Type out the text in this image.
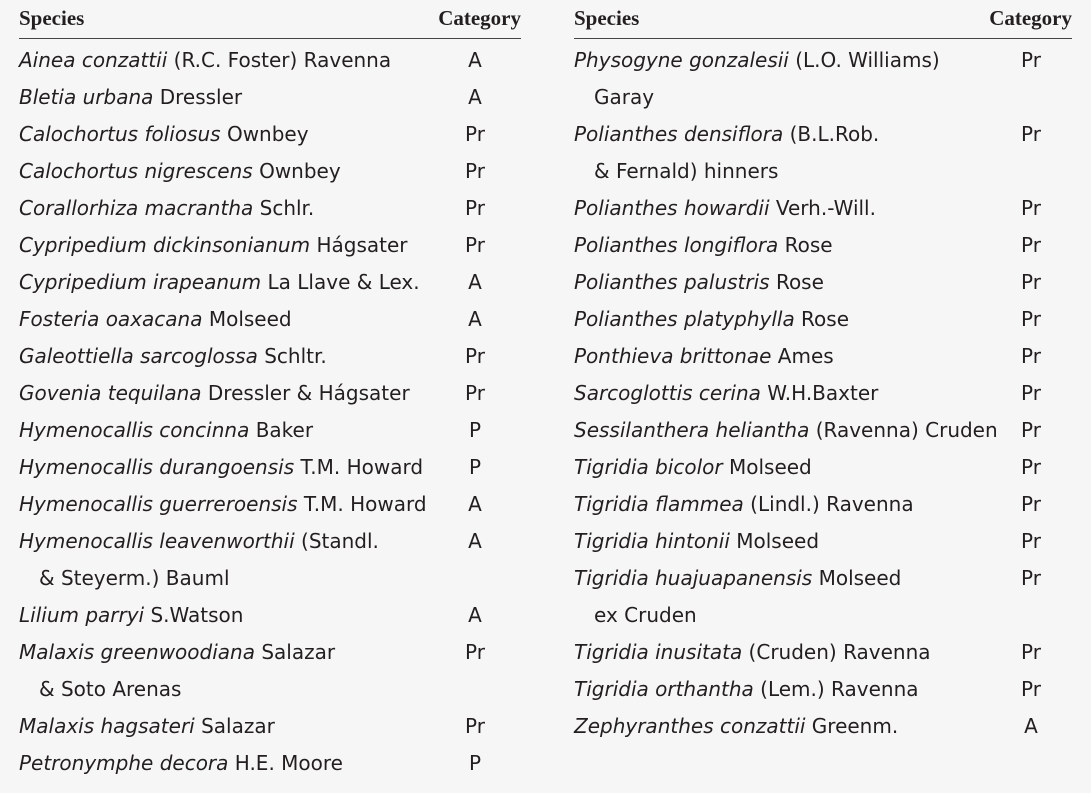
Species	Category
Ainea conzattii (R.C. Foster) Ravenna	A
Bletia urbana Dressler	A
Calochortus foliosus Ownbey	Pr
Calochortus nigrescens Ownbey	Pr
Corallorhiza macrantha Schlr.	Pr
Cypripedium dickinsonianum Hágsater	Pr
Cypripedium irapeanum La Llave & Lex.	A
Fosteria oaxacana Molseed	A
Galeottiella sarcoglossa Schltr.	Pr
Govenia tequilana Dressler & Hágsater	Pr
Hymenocallis concinna Baker	P
Hymenocallis durangoensis T.M. Howard	P
Hymenocallis guerreroensis T.M. Howard	A
Hymenocallis leavenworthii (Standl.	A
& Steyerm.) Bauml
Lilium parryi S.Watson	A
Malaxis greenwoodiana Salazar	Pr
& Soto Arenas
Malaxis hagsateri Salazar	Pr
Petronymphe decora H.E. Moore	P
Species	Category
Physogyne gonzalesii (L.O. Williams)	Pr
Garay
Polianthes densiflora (B.L.Rob.	Pr
& Fernald) hinners
Polianthes howardii Verh.-Will.	Pr
Polianthes longiflora Rose	Pr
Polianthes palustris Rose	Pr
Polianthes platyphylla Rose	Pr
Ponthieva brittonae Ames	Pr
Sarcoglottis cerina W.H.Baxter	Pr
Sessilanthera heliantha (Ravenna) Cruden	Pr
Tigridia bicolor Molseed	Pr
Tigridia flammea (Lindl.) Ravenna	Pr
Tigridia hintonii Molseed	Pr
Tigridia huajuapanensis Molseed	Pr
ex Cruden
Tigridia inusitata (Cruden) Ravenna	Pr
Tigridia orthantha (Lem.) Ravenna	Pr
Zephyranthes conzattii Greenm.	A
